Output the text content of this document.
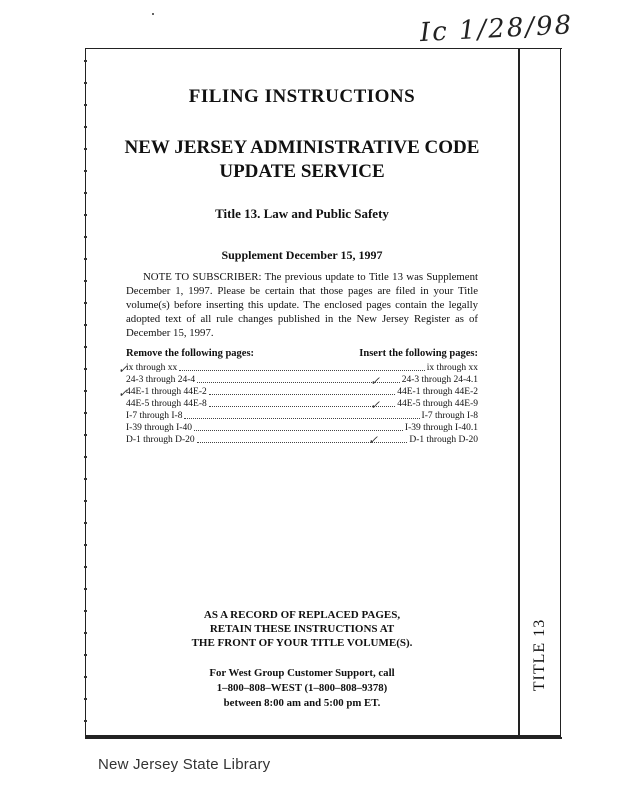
Ic 1/28/98
FILING INSTRUCTIONS
NEW JERSEY ADMINISTRATIVE CODE
UPDATE SERVICE
Title 13. Law and Public Safety
Supplement December 15, 1997
NOTE TO SUBSCRIBER: The previous update to Title 13 was Supplement December 1, 1997. Please be certain that those pages are filed in your Title volume(s) before inserting this update. The enclosed pages contain the legally adopted text of all rule changes published in the New Jersey Register as of December 15, 1997.
Remove the following pages:	Insert the following pages:
ix through xx	ix through xx
24-3 through 24-4	24-3 through 24-4.1
44E-1 through 44E-2	44E-1 through 44E-2
44E-5 through 44E-8	44E-5 through 44E-9
I-7 through I-8	I-7 through I-8
I-39 through I-40	I-39 through I-40.1
D-1 through D-20	D-1 through D-20
✓
✓
✓
✓
✓
AS A RECORD OF REPLACED PAGES,
RETAIN THESE INSTRUCTIONS AT
THE FRONT OF YOUR TITLE VOLUME(S).
For West Group Customer Support, call
1–800–808–WEST (1–800–808–9378)
between 8:00 am and 5:00 pm ET.
TITLE 13
New Jersey State Library
